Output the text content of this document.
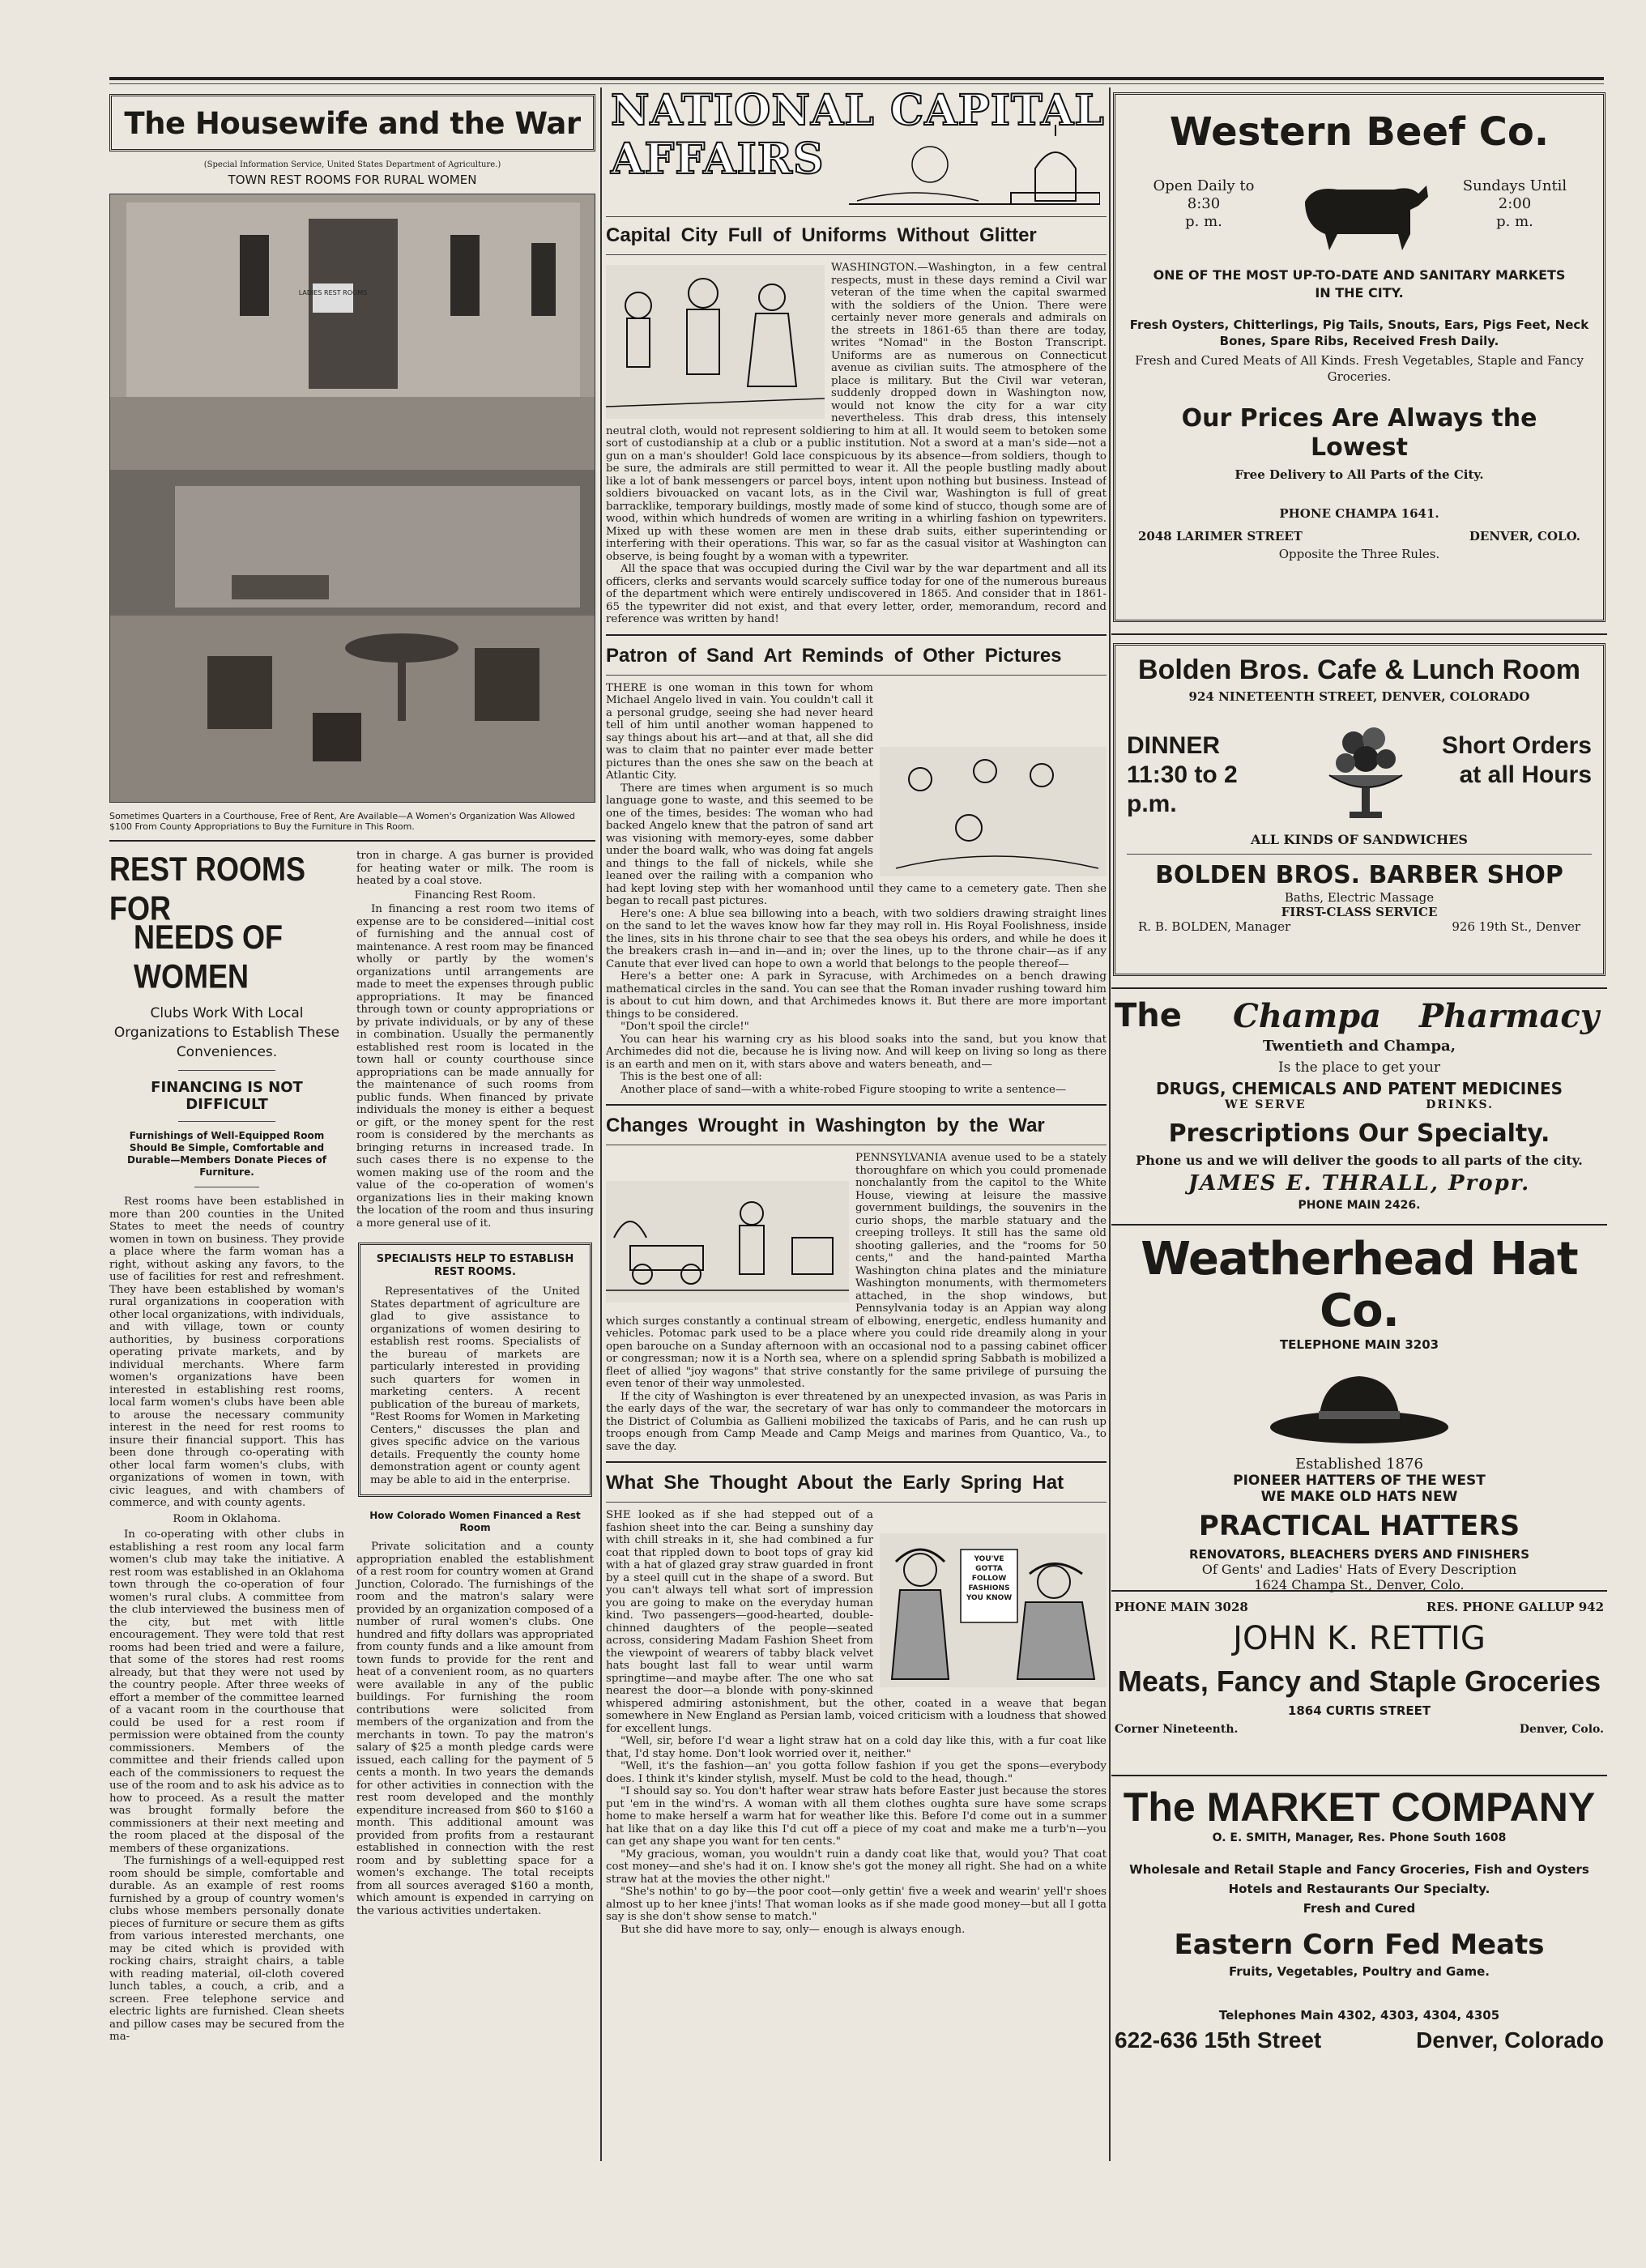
The Housewife and the War
(Special Information Service, United States Department of Agriculture.)
TOWN REST ROOMS FOR RURAL WOMEN
LADIES REST ROOMS
Sometimes Quarters in a Courthouse, Free of Rent, Are Available—A Women's Organization Was Allowed $100 From County Appropriations to Buy the Furniture in This Room.
REST ROOMS FOR
NEEDS OF WOMEN
Clubs Work With Local Organizations to Establish These Conveniences.
FINANCING IS NOT DIFFICULT
Furnishings of Well-Equipped Room Should Be Simple, Comfortable and Durable—Members Donate Pieces of Furniture.

Rest rooms have been established in more than 200 counties in the United States to meet the needs of country women in town on business. They provide a place where the farm woman has a right, without asking any favors, to the use of facilities for rest and refreshment. They have been established by woman's rural organizations in cooperation with other local organizations, with individuals, and with village, town or county authorities, by business corporations operating private markets, and by individual merchants. Where farm women's organizations have been interested in establishing rest rooms, local farm women's clubs have been able to arouse the necessary community interest in the need for rest rooms to insure their financial support. This has been done through co-operating with other local farm women's clubs, with organizations of women in town, with civic leagues, and with chambers of commerce, and with county agents.

Room in Oklahoma.

In co-operating with other clubs in establishing a rest room any local farm women's club may take the initiative. A rest room was established in an Oklahoma town through the co-operation of four women's rural clubs. A committee from the club interviewed the business men of the city, but met with little encouragement. They were told that rest rooms had been tried and were a failure, that some of the stores had rest rooms already, but that they were not used by the country people. After three weeks of effort a member of the committee learned of a vacant room in the courthouse that could be used for a rest room if permission were obtained from the county commissioners. Members of the committee and their friends called upon each of the commissioners to request the use of the room and to ask his advice as to how to proceed. As a result the matter was brought formally before the commissioners at their next meeting and the room placed at the disposal of the members of these organizations.

The furnishings of a well-equipped rest room should be simple, comfortable and durable. As an example of rest rooms furnished by a group of country women's clubs whose members personally donate pieces of furniture or secure them as gifts from various interested merchants, one may be cited which is provided with rocking chairs, straight chairs, a table with reading material, oil-cloth covered lunch tables, a couch, a crib, and a screen. Free telephone service and electric lights are furnished. Clean sheets and pillow cases may be secured from the ma-

tron in charge. A gas burner is provided for heating water or milk. The room is heated by a coal stove.

Financing Rest Room.

In financing a rest room two items of expense are to be considered—initial cost of furnishing and the annual cost of maintenance. A rest room may be financed wholly or partly by the women's organizations until arrangements are made to meet the expenses through public appropriations. It may be financed through town or county appropriations or by private individuals, or by any of these in combination. Usually the permanently established rest room is located in the town hall or county courthouse since appropriations can be made annually for the maintenance of such rooms from public funds. When financed by private individuals the money is either a bequest or gift, or the money spent for the rest room is considered by the merchants as bringing returns in increased trade. In such cases there is no expense to the women making use of the room and the value of the co-operation of women's organizations lies in their making known the location of the room and thus insuring a more general use of it.

SPECIALISTS HELP TO ESTABLISH REST ROOMS.

Representatives of the United States department of agriculture are glad to give assistance to organizations of women desiring to establish rest rooms. Specialists of the bureau of markets are particularly interested in providing such quarters for women in marketing centers. A recent publication of the bureau of markets, "Rest Rooms for Women in Marketing Centers," discusses the plan and gives specific advice on the various details. Frequently the county home demonstration agent or county agent may be able to aid in the enterprise.

How Colorado Women Financed a Rest Room

Private solicitation and a county appropriation enabled the establishment of a rest room for country women at Grand Junction, Colorado. The furnishings of the room and the matron's salary were provided by an organization composed of a number of rural women's clubs. One hundred and fifty dollars was appropriated from county funds and a like amount from town funds to provide for the rent and heat of a convenient room, as no quarters were available in any of the public buildings. For furnishing the room contributions were solicited from members of the organization and from the merchants in town. To pay the matron's salary of $25 a month pledge cards were issued, each calling for the payment of 5 cents a month. In two years the demands for other activities in connection with the rest room developed and the monthly expenditure increased from $60 to $160 a month. This additional amount was provided from profits from a restaurant established in connection with the rest room and by subletting space for a women's exchange. The total receipts from all sources averaged $160 a month, which amount is expended in carrying on the various activities undertaken.

NATIONAL CAPITAL
AFFAIRS
Capital City Full of Uniforms Without Glitter

WASHINGTON.—Washington, in a few central respects, must in these days remind a Civil war veteran of the time when the capital swarmed with the soldiers of the Union. There were certainly never more generals and admirals on the streets in 1861-65 than there are today, writes "Nomad" in the Boston Transcript. Uniforms are as numerous on Connecticut avenue as civilian suits. The atmosphere of the place is military. But the Civil war veteran, suddenly dropped down in Washington now, would not know the city for a war city nevertheless. This drab dress, this intensely neutral cloth, would not represent soldiering to him at all. It would seem to betoken some sort of custodianship at a club or a public institution. Not a sword at a man's side—not a gun on a man's shoulder! Gold lace conspicuous by its absence—from soldiers, though to be sure, the admirals are still permitted to wear it. All the people bustling madly about like a lot of bank messengers or parcel boys, intent upon nothing but business. Instead of soldiers bivouacked on vacant lots, as in the Civil war, Washington is full of great barracklike, temporary buildings, mostly made of some kind of stucco, though some are of wood, within which hundreds of women are writing in a whirling fashion on typewriters. Mixed up with these women are men in these drab suits, either superintending or interfering with their operations. This war, so far as the casual visitor at Washington can observe, is being fought by a woman with a typewriter.

All the space that was occupied during the Civil war by the war department and all its officers, clerks and servants would scarcely suffice today for one of the numerous bureaus of the department which were entirely undiscovered in 1865. And consider that in 1861-65 the typewriter did not exist, and that every letter, order, memorandum, record and reference was written by hand!

Patron of Sand Art Reminds of Other Pictures

THERE is one woman in this town for whom Michael Angelo lived in vain. You couldn't call it a personal grudge, seeing she had never heard tell of him until another woman happened to say things about his art—and at that, all she did was to claim that no painter ever made better pictures than the ones she saw on the beach at Atlantic City.

There are times when argument is so much language gone to waste, and this seemed to be one of the times, besides: The woman who had backed Angelo knew that the patron of sand art was visioning with memory-eyes, some dabber under the board walk, who was doing fat angels and things to the fall of nickels, while she leaned over the railing with a companion who had kept loving step with her womanhood until they came to a cemetery gate. Then she began to recall past pictures.

Here's one: A blue sea billowing into a beach, with two soldiers drawing straight lines on the sand to let the waves know how far they may roll in. His Royal Foolishness, inside the lines, sits in his throne chair to see that the sea obeys his orders, and while he does it the breakers crash in—and in—and in; over the lines, up to the throne chair—as if any Canute that ever lived can hope to own a world that belongs to the people thereof—

Here's a better one: A park in Syracuse, with Archimedes on a bench drawing mathematical circles in the sand. You can see that the Roman invader rushing toward him is about to cut him down, and that Archimedes knows it. But there are more important things to be considered.

"Don't spoil the circle!"

You can hear his warning cry as his blood soaks into the sand, but you know that Archimedes did not die, because he is living now. And will keep on living so long as there is an earth and men on it, with stars above and waters beneath, and—

This is the best one of all:

Another place of sand—with a white-robed Figure stooping to write a sentence—

Changes Wrought in Washington by the War

PENNSYLVANIA avenue used to be a stately thoroughfare on which you could promenade nonchalantly from the capitol to the White House, viewing at leisure the massive government buildings, the souvenirs in the curio shops, the marble statuary and the creeping trolleys. It still has the same old shooting galleries, and the "rooms for 50 cents," and the hand-painted Martha Washington china plates and the miniature Washington monuments, with thermometers attached, in the shop windows, but Pennsylvania today is an Appian way along which surges constantly a continual stream of elbowing, energetic, endless humanity and vehicles. Potomac park used to be a place where you could ride dreamily along in your open barouche on a Sunday afternoon with an occasional nod to a passing cabinet officer or congressman; now it is a North sea, where on a splendid spring Sabbath is mobilized a fleet of allied "joy wagons" that strive constantly for the same privilege of pursuing the even tenor of their way unmolested.

If the city of Washington is ever threatened by an unexpected invasion, as was Paris in the early days of the war, the secretary of war has only to commandeer the motorcars in the District of Columbia as Gallieni mobilized the taxicabs of Paris, and he can rush up troops enough from Camp Meade and Camp Meigs and marines from Quantico, Va., to save the day.

What She Thought About the Early Spring Hat
YOU'VE GOTTA FOLLOW FASHIONS YOU KNOW

SHE looked as if she had stepped out of a fashion sheet into the car. Being a sunshiny day with chill streaks in it, she had combined a fur coat that rippled down to boot tops of gray kid with a hat of glazed gray straw guarded in front by a steel quill cut in the shape of a sword. But you can't always tell what sort of impression you are going to make on the everyday human kind. Two passengers—good-hearted, double-chinned daughters of the people—seated across, considering Madam Fashion Sheet from the viewpoint of wearers of tabby black velvet hats bought last fall to wear until warm springtime—and maybe after. The one who sat nearest the door—a blonde with pony-skinned whispered admiring astonishment, but the other, coated in a weave that began somewhere in New England as Persian lamb, voiced criticism with a loudness that showed for excellent lungs.

"Well, sir, before I'd wear a light straw hat on a cold day like this, with a fur coat like that, I'd stay home. Don't look worried over it, neither."

"Well, it's the fashion—an' you gotta follow fashion if you get the spons—everybody does. I think it's kinder stylish, myself. Must be cold to the head, though."

"I should say so. You don't hafter wear straw hats before Easter just because the stores put 'em in the wind'rs. A woman with all them clothes oughta sure have some scraps home to make herself a warm hat for weather like this. Before I'd come out in a summer hat like that on a day like this I'd cut off a piece of my coat and make me a turb'n—you can get any shape you want for ten cents."

"My gracious, woman, you wouldn't ruin a dandy coat like that, would you? That coat cost money—and she's had it on. I know she's got the money all right. She had on a white straw hat at the movies the other night."

"She's nothin' to go by—the poor coot—only gettin' five a week and wearin' yell'r shoes almost up to her knee j'ints! That woman looks as if she made good money—but all I gotta say is she don't show sense to match."

But she did have more to say, only— enough is always enough.

Western Beef Co.
Open Daily to 8:30
p. m.
Sundays Until 2:00
p. m.
ONE OF THE MOST UP-TO-DATE AND SANITARY MARKETS IN THE CITY.
Fresh Oysters, Chitterlings, Pig Tails, Snouts, Ears, Pigs Feet, Neck Bones, Spare Ribs, Received Fresh Daily.
Fresh and Cured Meats of All Kinds. Fresh Vegetables, Staple and Fancy Groceries.
Our Prices Are Always the Lowest
Free Delivery to All Parts of the City.
PHONE CHAMPA 1641.
2048 LARIMER STREET	DENVER, COLO.
Opposite the Three Rules.
Bolden Bros. Cafe & Lunch Room
924 NINETEENTH STREET, DENVER, COLORADO
DINNER
11:30 to 2 p.m.
Short Orders
at all Hours
ALL KINDS OF SANDWICHES
BOLDEN BROS. BARBER SHOP
Baths, Electric Massage
FIRST-CLASS SERVICE
R. B. BOLDEN, Manager	926 19th St., Denver
The Champa Pharmacy
Twentieth and Champa,
Is the place to get your
DRUGS, CHEMICALS AND PATENT MEDICINES
WE SERVE	DRINKS.
Prescriptions Our Specialty.
Phone us and we will deliver the goods to all parts of the city.
JAMES E. THRALL, Propr.
PHONE MAIN 2426.
Weatherhead Hat Co.
TELEPHONE MAIN 3203
Established 1876
PIONEER HATTERS OF THE WEST
WE MAKE OLD HATS NEW
PRACTICAL HATTERS
RENOVATORS, BLEACHERS DYERS AND FINISHERS
Of Gents' and Ladies' Hats of Every Description
1624 Champa St., Denver, Colo.
PHONE MAIN 3028	RES. PHONE GALLUP 942
JOHN K. RETTIG
Meats, Fancy and Staple Groceries
1864 CURTIS STREET
Corner Nineteenth.	Denver, Colo.
The MARKET COMPANY
O. E. SMITH, Manager, Res. Phone South 1608
Wholesale and Retail Staple and Fancy Groceries, Fish and Oysters
Hotels and Restaurants Our Specialty.
Fresh and Cured
Eastern Corn Fed Meats
Fruits, Vegetables, Poultry and Game.
Telephones Main 4302, 4303, 4304, 4305
622-636 15th Street	Denver, Colorado
